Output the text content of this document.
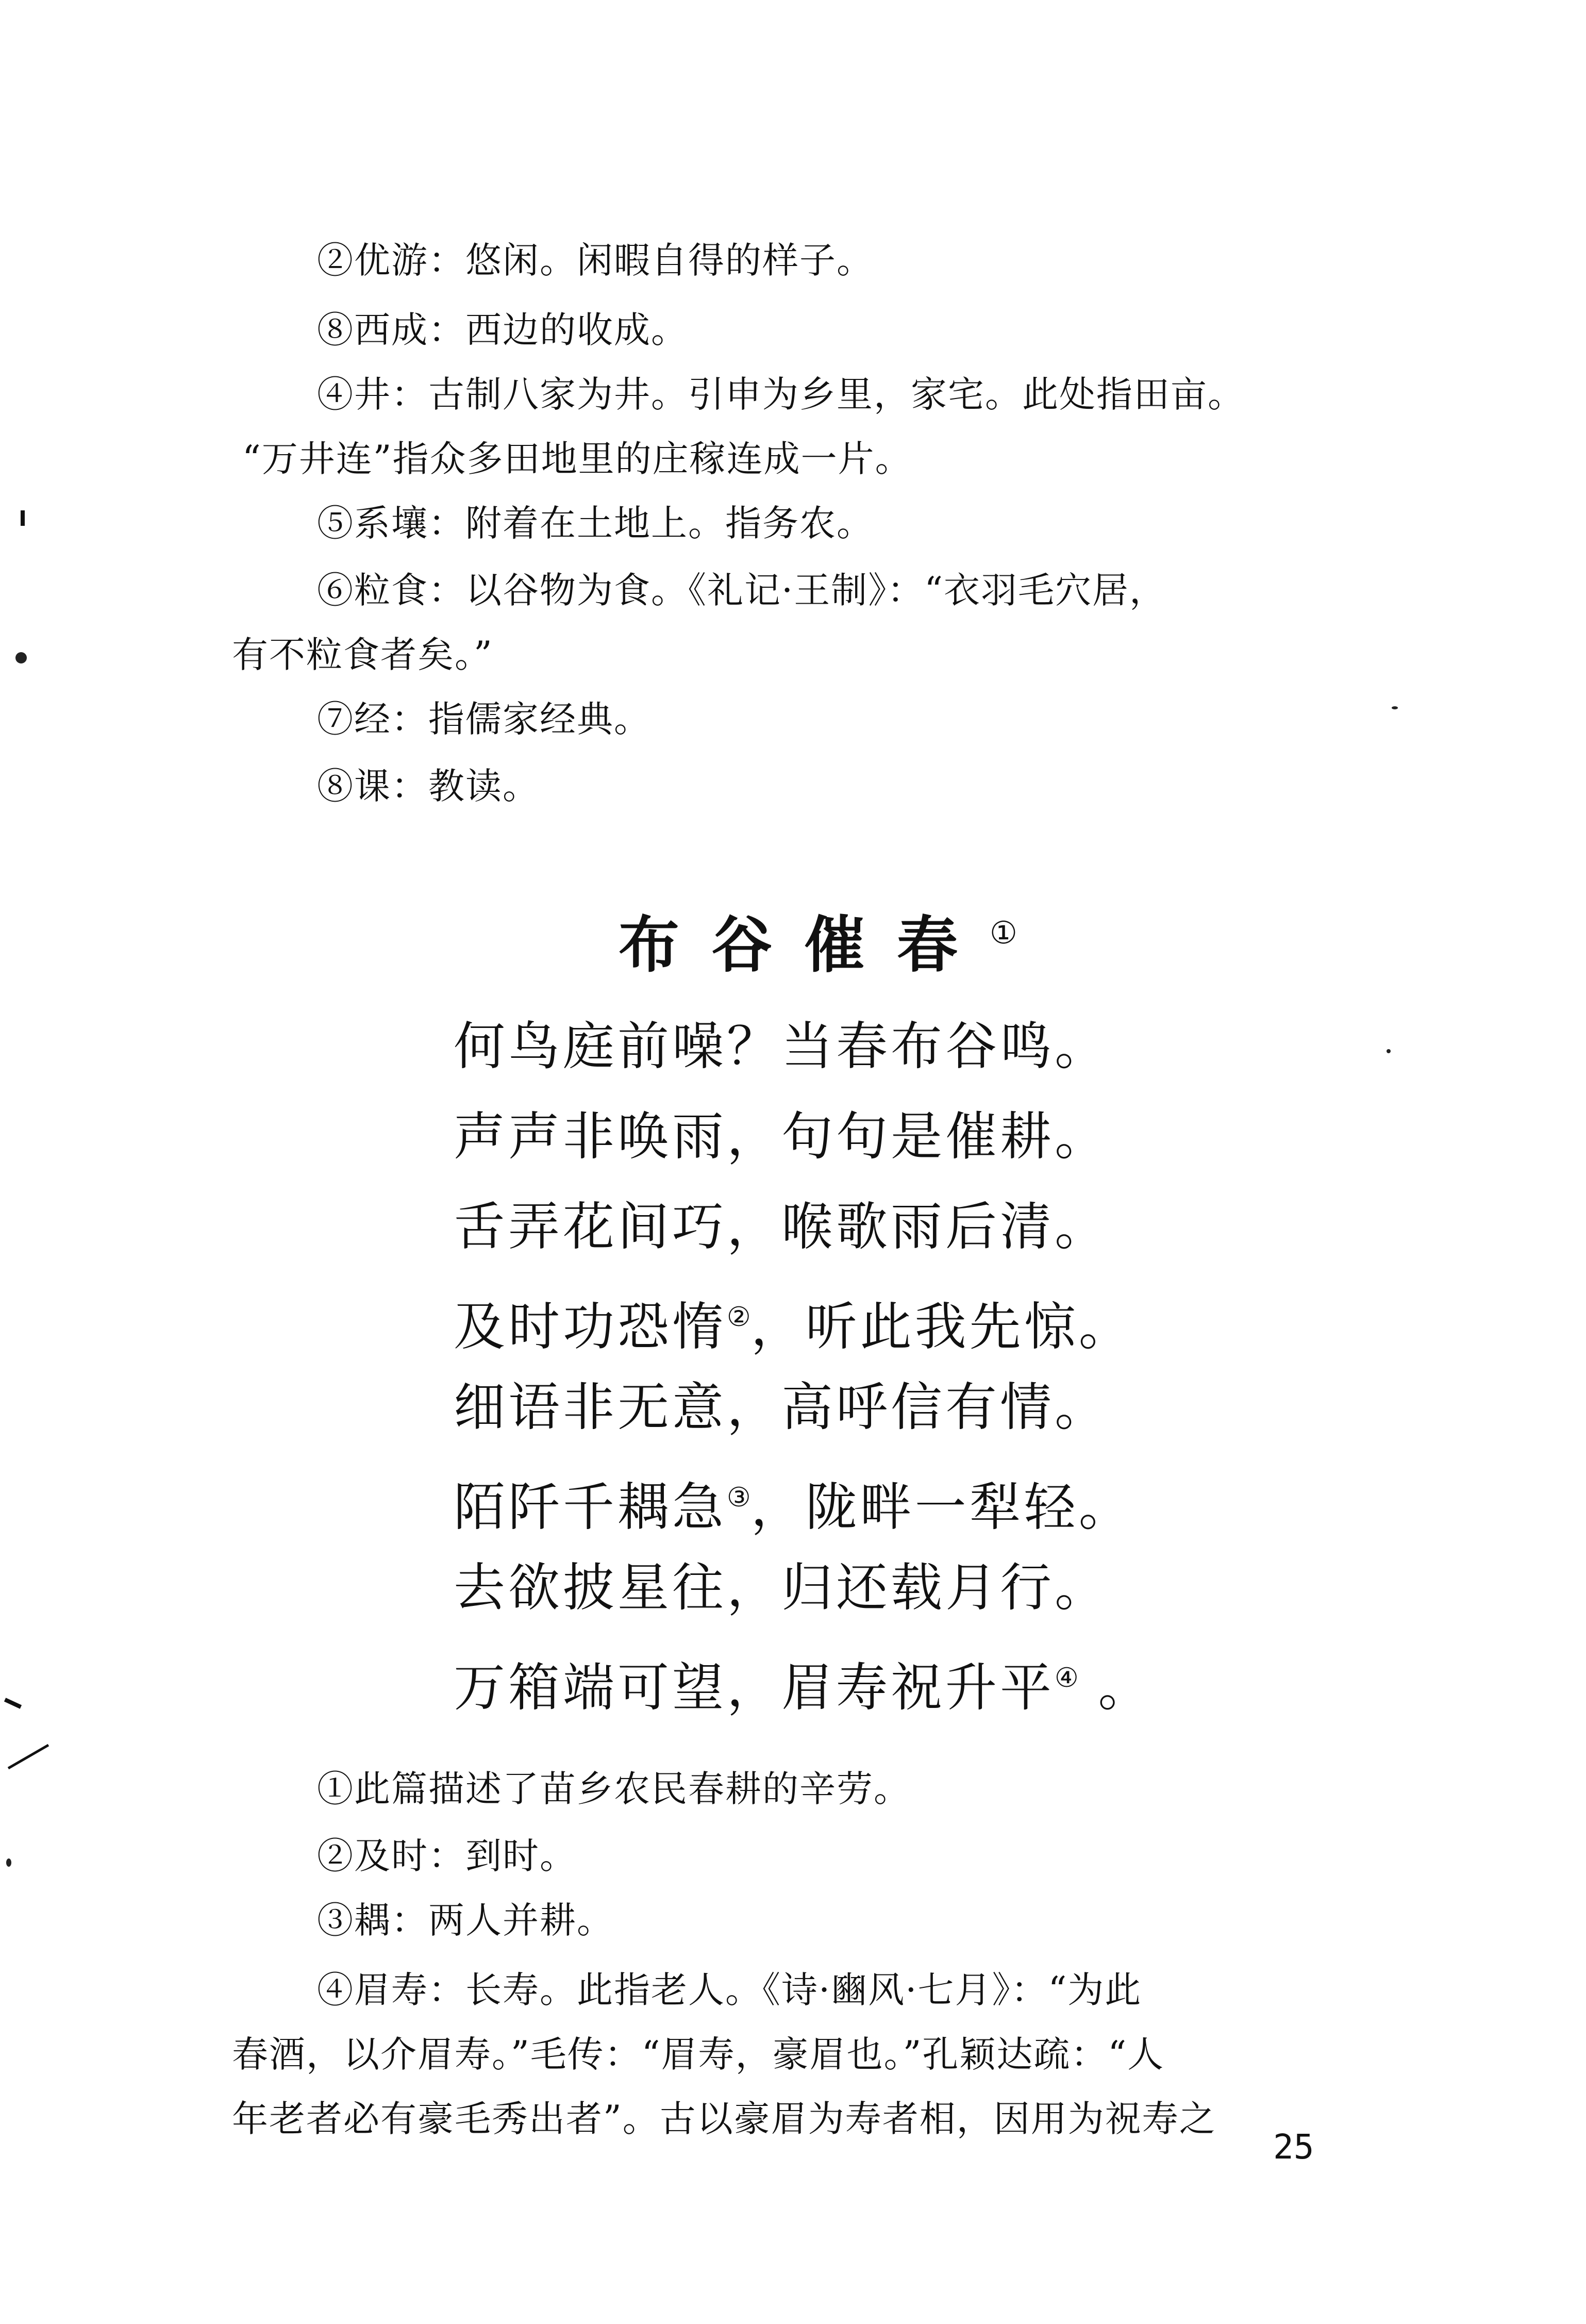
②优游：悠闲。闲暇自得的样子。
⑧西成：西边的收成。
④井：古制八家为井。引申为乡里，家宅。此处指田亩。
“万井连”指众多田地里的庄稼连成一片。
⑤系壤：附着在土地上。指务农。
⑥粒食：以谷物为食。《礼记·王制》：“衣羽毛穴居，
有不粒食者矣。”
⑦经：指儒家经典。
⑧课：教读。
布谷催春①
何鸟庭前噪？当春布谷鸣。
声声非唤雨，句句是催耕。
舌弄花间巧，喉歌雨后清。
及时功恐惰②，听此我先惊。
细语非无意，高呼信有情。
陌阡千耦急③，陇畔一犁轻。
去欲披星往，归还载月行。
万箱端可望，眉寿祝升平④ 。
①此篇描述了苗乡农民春耕的辛劳。
②及时：到时。
③耦：两人并耕。
④眉寿：长寿。此指老人。《诗·豳风·七月》：“为此
春酒，以介眉寿。”毛传：“眉寿，豪眉也。”孔颖达疏：“人
年老者必有豪毛秀出者”。古以豪眉为寿者相，因用为祝寿之
25
